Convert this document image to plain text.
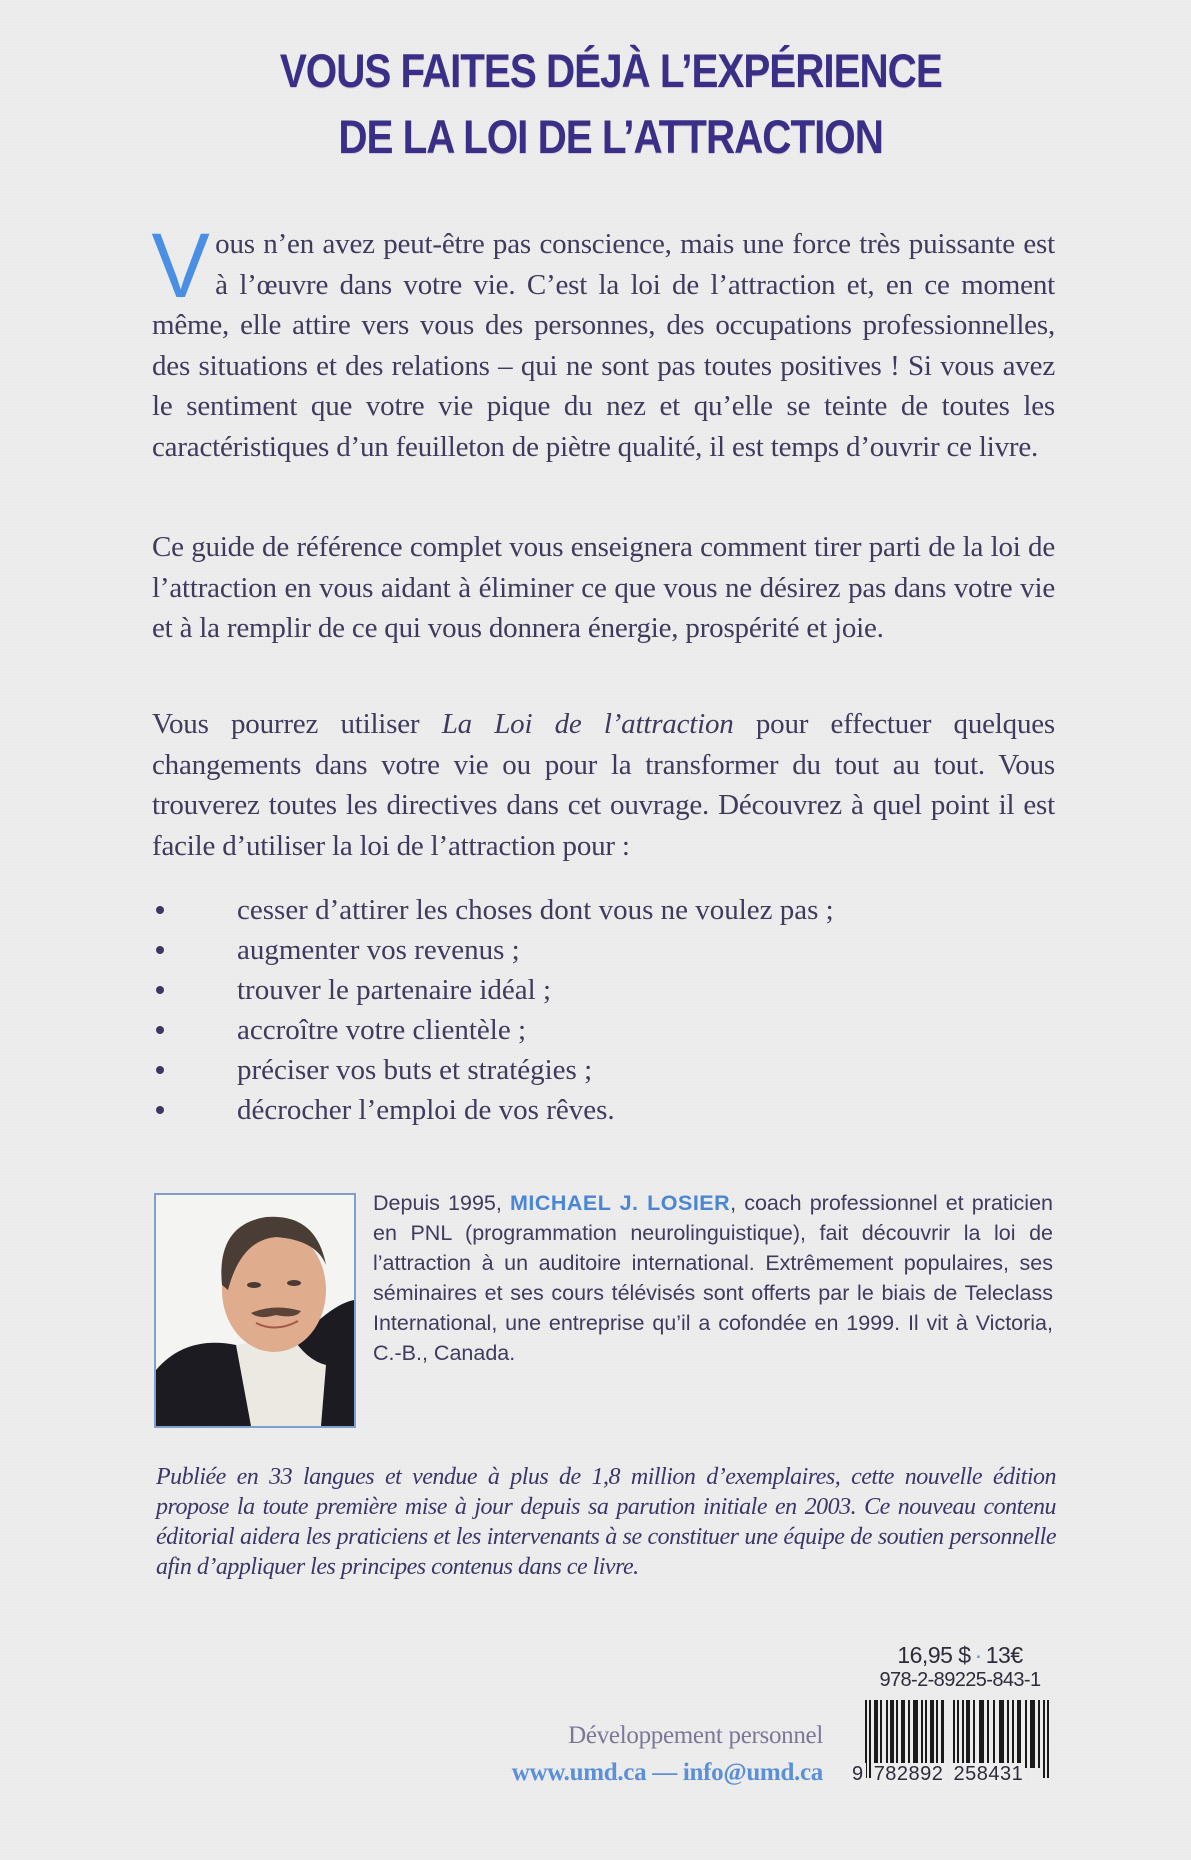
VOUS FAITES DÉJÀ L’EXPÉRIENCE
DE LA LOI DE L’ATTRACTION

Vous n’en avez peut-être pas conscience, mais une force très puissante est à l’œuvre dans votre vie. C’est la loi de l’attraction et, en ce moment même, elle attire vers vous des personnes, des occupations professionnelles, des situations et des relations – qui ne sont pas toutes positives ! Si vous avez le sentiment que votre vie pique du nez et qu’elle se teinte de toutes les caractéristiques d’un feuilleton de piètre qualité, il est temps d’ouvrir ce livre.

Ce guide de référence complet vous enseignera comment tirer parti de la loi de l’attraction en vous aidant à éliminer ce que vous ne désirez pas dans votre vie et à la remplir de ce qui vous donnera énergie, prospérité et joie.

Vous pourrez utiliser La Loi de l’attraction pour effectuer quelques changements dans votre vie ou pour la transformer du tout au tout. Vous trouverez toutes les directives dans cet ouvrage. Découvrez à quel point il est facile d’utiliser la loi de l’attraction pour :

cesser d’attirer les choses dont vous ne voulez pas ;
augmenter vos revenus ;
trouver le partenaire idéal ;
accroître votre clientèle ;
préciser vos buts et stratégies ;
décrocher l’emploi de vos rêves.
Depuis 1995, MICHAEL J. LOSIER, coach professionnel et praticien en PNL (programmation neurolinguistique), fait découvrir la loi de l’attraction à un auditoire international. Extrêmement populaires, ses séminaires et ses cours télévisés sont offerts par le biais de Teleclass International, une entreprise qu’il a cofondée en 1999. Il vit à Victoria, C.-B., Canada.
Publiée en 33 langues et vendue à plus de 1,8 million d’exemplaires, cette nouvelle édition propose la toute première mise à jour depuis sa parution initiale en 2003. Ce nouveau contenu éditorial aidera les praticiens et les intervenants à se constituer une équipe de soutien personnelle afin d’appliquer les principes contenus dans ce livre.
16,95 $ · 13€
978-2-89225-843-1
9 782892 258431
Développement personnel
www.umd.ca — info@umd.ca
